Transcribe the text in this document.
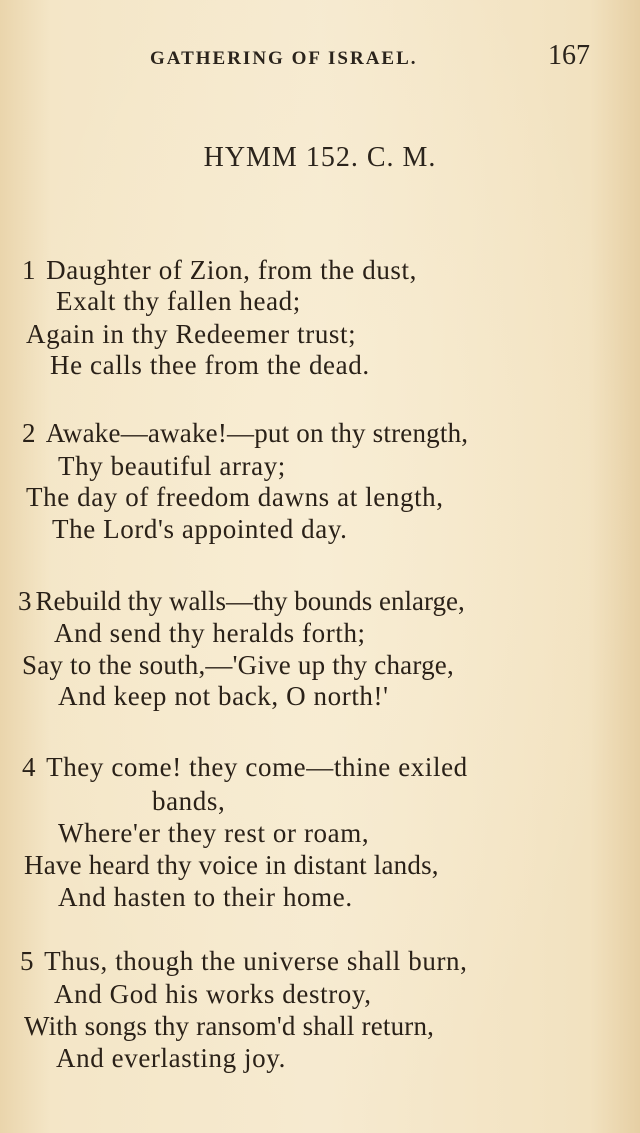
GATHERING OF ISRAEL.	167
HYMM 152. C. M.
1 Daughter of Zion, from the dust,
Exalt thy fallen head;
Again in thy Redeemer trust;
He calls thee from the dead.
2 Awake—awake!—put on thy strength,
Thy beautiful array;
The day of freedom dawns at length,
The Lord's appointed day.
3 Rebuild thy walls—thy bounds enlarge,
And send thy heralds forth;
Say to the south,—'Give up thy charge,
And keep not back, O north!'
4 They come! they come—thine exiled
bands,
Where'er they rest or roam,
Have heard thy voice in distant lands,
And hasten to their home.
5 Thus, though the universe shall burn,
And God his works destroy,
With songs thy ransom'd shall return,
And everlasting joy.
